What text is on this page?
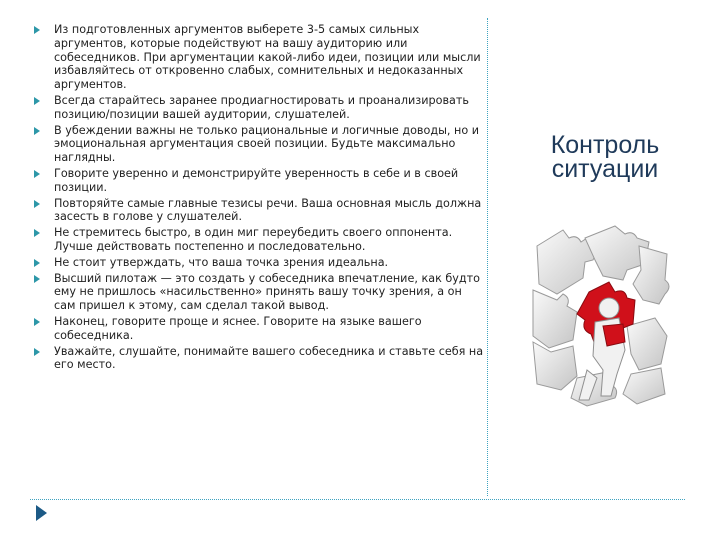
Из подготовленных аргументов выберете 3-5 самых сильных аргументов, которые подействуют на вашу аудиторию или собеседников. При аргументации какой-либо идеи, позиции или мысли избавляйтесь от откровенно слабых, сомнительных и недоказанных аргументов.
Всегда старайтесь заранее продиагностировать и проанализировать позицию/позиции вашей аудитории, слушателей.
В убеждении важны не только рациональные и логичные доводы, но и эмоциональная аргументация своей позиции. Будьте максимально наглядны.
Говорите уверенно и демонстрируйте уверенность в себе и в своей позиции.
Повторяйте самые главные тезисы речи. Ваша основная мысль должна засесть в голове у слушателей.
Не стремитесь быстро, в один миг переубедить своего оппонента. Лучше действовать постепенно и последовательно.
Не стоит утверждать, что ваша точка зрения идеальна.
Высший пилотаж — это создать у собеседника впечатление, как будто ему не пришлось «насильственно» принять вашу точку зрения, а он сам пришел к этому, сам сделал такой вывод.
Наконец, говорите проще и яснее. Говорите на языке вашего собеседника.
Уважайте, слушайте, понимайте вашего собеседника и ставьте себя на его место.
Контроль
ситуации
